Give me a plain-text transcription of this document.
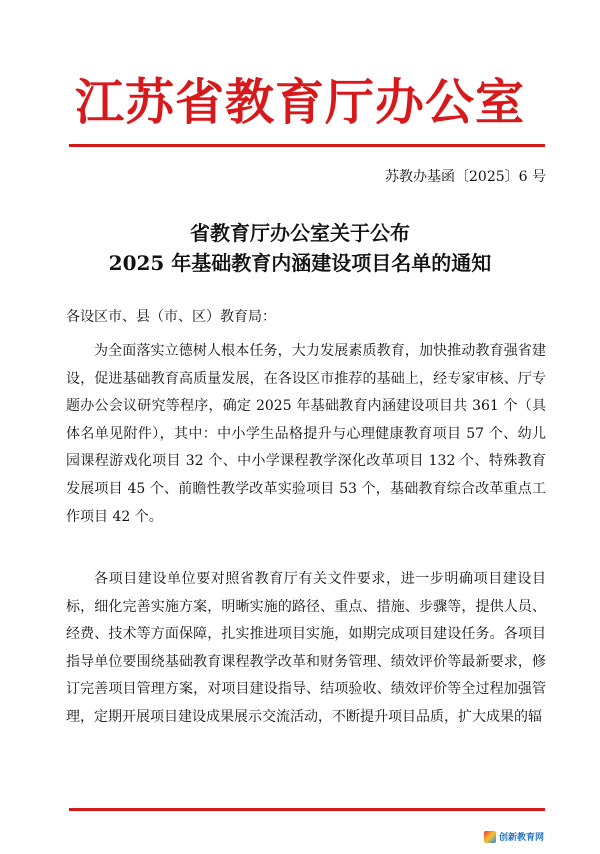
江苏省教育厅办公室
苏教办基函〔2025〕6 号
省教育厅办公室关于公布
2025 年基础教育内涵建设项目名单的通知
各设区市、县（市、区）教育局：

为全面落实立德树人根本任务，大力发展素质教育，加快推动教育强省建设，促进基础教育高质量发展，在各设区市推荐的基础上，经专家审核、厅专题办公会议研究等程序，确定 2025 年基础教育内涵建设项目共 361 个（具体名单见附件），其中：中小学生品格提升与心理健康教育项目 57 个、幼儿园课程游戏化项目 32 个、中小学课程教学深化改革项目 132 个、特殊教育发展项目 45 个、前瞻性教学改革实验项目 53 个，基础教育综合改革重点工作项目 42 个。

各项目建设单位要对照省教育厅有关文件要求，进一步明确项目建设目标，细化完善实施方案，明晰实施的路径、重点、措施、步骤等，提供人员、经费、技术等方面保障，扎实推进项目实施，如期完成项目建设任务。各项目指导单位要围绕基础教育课程教学改革和财务管理、绩效评价等最新要求，修订完善项目管理方案，对项目建设指导、结项验收、绩效评价等全过程加强管理，定期开展项目建设成果展示交流活动，不断提升项目品质，扩大成果的辐

创新教育网
